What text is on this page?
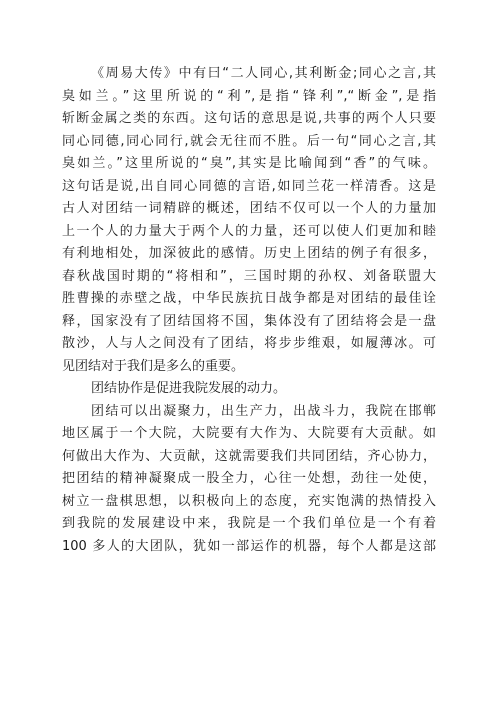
《周易大传》中有曰“二人同心,其利断金;同心之言,其
臭如兰。”这里所说的“利”,是指“锋利”,“断金”,是指
斩断金属之类的东西。这句话的意思是说,共事的两个人只要
同心同德,同心同行,就会无往而不胜。后一句“同心之言,其
臭如兰。”这里所说的“臭”,其实是比喻闻到“香”的气味。
这句话是说,出自同心同德的言语,如同兰花一样清香。这是
古人对团结一词精辟的概述，团结不仅可以一个人的力量加
上一个人的力量大于两个人的力量，还可以使人们更加和睦
有利地相处，加深彼此的感情。历史上团结的例子有很多，
春秋战国时期的“将相和”，三国时期的孙权、刘备联盟大
胜曹操的赤壁之战，中华民族抗日战争都是对团结的最佳诠
释，国家没有了团结国将不国，集体没有了团结将会是一盘
散沙，人与人之间没有了团结，将步步维艰，如履薄冰。可
见团结对于我们是多么的重要。
团结协作是促进我院发展的动力。
团结可以出凝聚力，出生产力，出战斗力，我院在邯郸
地区属于一个大院，大院要有大作为、大院要有大贡献。如
何做出大作为、大贡献，这就需要我们共同团结，齐心协力，
把团结的精神凝聚成一股全力，心往一处想，劲往一处使，
树立一盘棋思想，以积极向上的态度，充实饱满的热情投入
到我院的发展建设中来，我院是一个我们单位是一个有着
100 多人的大团队，犹如一部运作的机器，每个人都是这部
